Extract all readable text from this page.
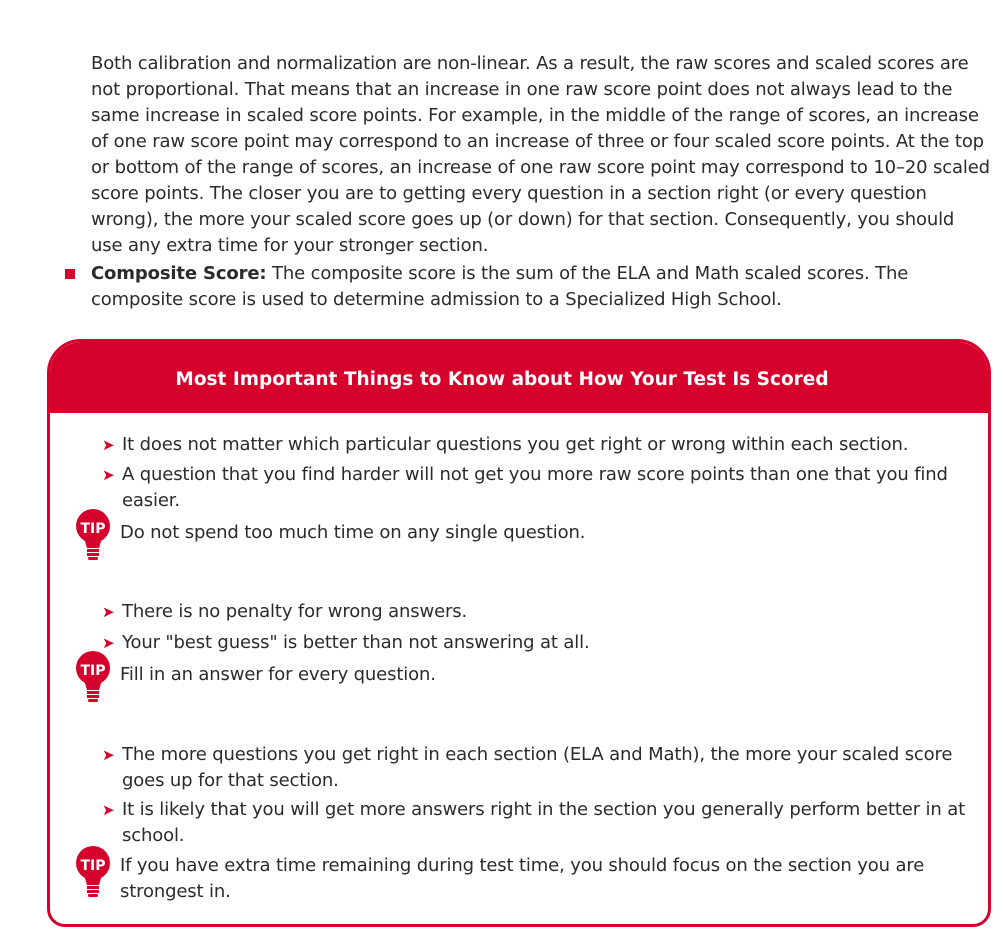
Both calibration and normalization are non-linear. As a result, the raw scores and scaled scores are not proportional. That means that an increase in one raw score point does not always lead to the same increase in scaled score points. For example, in the middle of the range of scores, an increase of one raw score point may correspond to an increase of three or four scaled score points. At the top or bottom of the range of scores, an increase of one raw score point may correspond to 10–20 scaled score points. The closer you are to getting every question in a section right (or every question wrong), the more your scaled score goes up (or down) for that section. Consequently, you should use any extra time for your stronger section.
Composite Score: The composite score is the sum of the ELA and Math scaled scores. The composite score is used to determine admission to a Specialized High School.
Most Important Things to Know about How Your Test Is Scored
➤ It does not matter which particular questions you get right or wrong within each section.
➤ A question that you find harder will not get you more raw score points than one that you find easier.
TIP Do not spend too much time on any single question.
➤ There is no penalty for wrong answers.
➤ Your "best guess" is better than not answering at all.
TIP Fill in an answer for every question.
➤ The more questions you get right in each section (ELA and Math), the more your scaled score goes up for that section.
➤ It is likely that you will get more answers right in the section you generally perform better in at school.
TIP If you have extra time remaining during test time, you should focus on the section you are strongest in.
